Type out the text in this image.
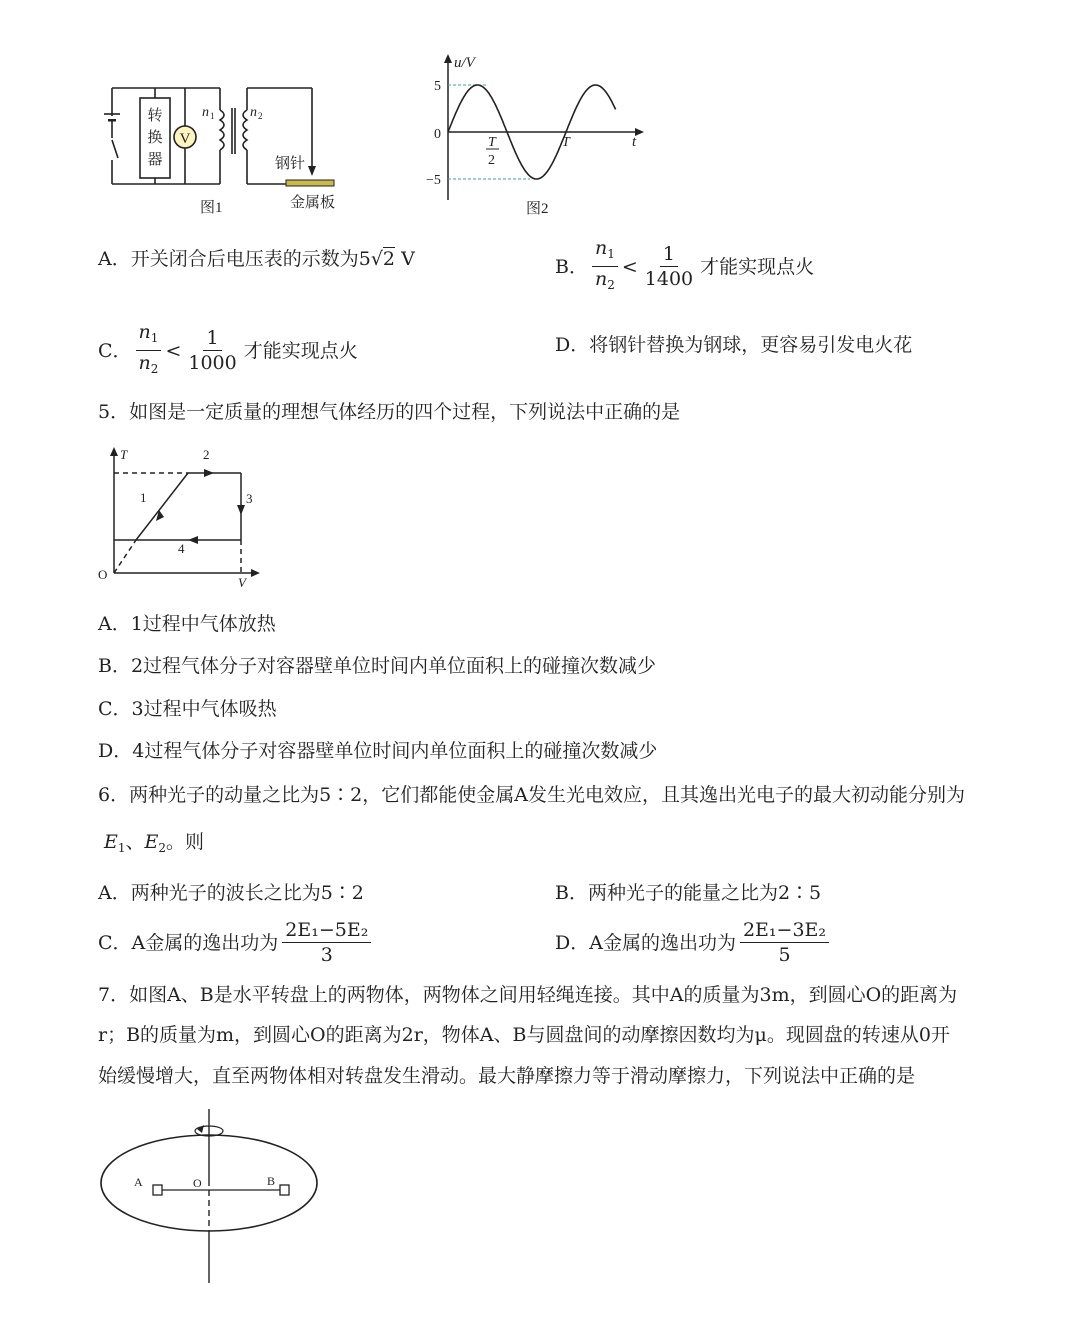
V
转
换
器
n 1	n 2
钢针
金属板
图1
u/V
t
5
−5
0
T
2
T
图2
A．开关闭合后电压表的示数为5√2 V	B． $\frac{n_1}{n_2} < \frac{1}{1400}$ 才能实现点火
C． $\frac{n_1}{n_2} < \frac{1}{1000}$ 才能实现点火	D．将钢针替换为钢球，更容易引发电火花
5．如图是一定质量的理想气体经历的四个过程，下列说法中正确的是
T
V
O
1
2
3
4
A．1过程中气体放热
B．2过程气体分子对容器壁单位时间内单位面积上的碰撞次数减少
C．3过程中气体吸热
D．4过程气体分子对容器壁单位时间内单位面积上的碰撞次数减少
6．两种光子的动量之比为5∶2，它们都能使金属A发生光电效应，且其逸出光电子的最大初动能分别为
$E_1$、$E_2$。则
A．两种光子的波长之比为5∶2	B．两种光子的能量之比为2∶5
C．A金属的逸出功为 $\frac{\text{2E₁−5E₂}}{3}$	D．A金属的逸出功为 $\frac{\text{2E₁−3E₂}}{5}$
7．如图A、B是水平转盘上的两物体，两物体之间用轻绳连接。其中A的质量为3m，到圆心O的距离为
r；B的质量为m，到圆心O的距离为2r，物体A、B与圆盘间的动摩擦因数均为μ。现圆盘的转速从0开
始缓慢增大，直至两物体相对转盘发生滑动。最大静摩擦力等于滑动摩擦力，下列说法中正确的是
A	O	B
